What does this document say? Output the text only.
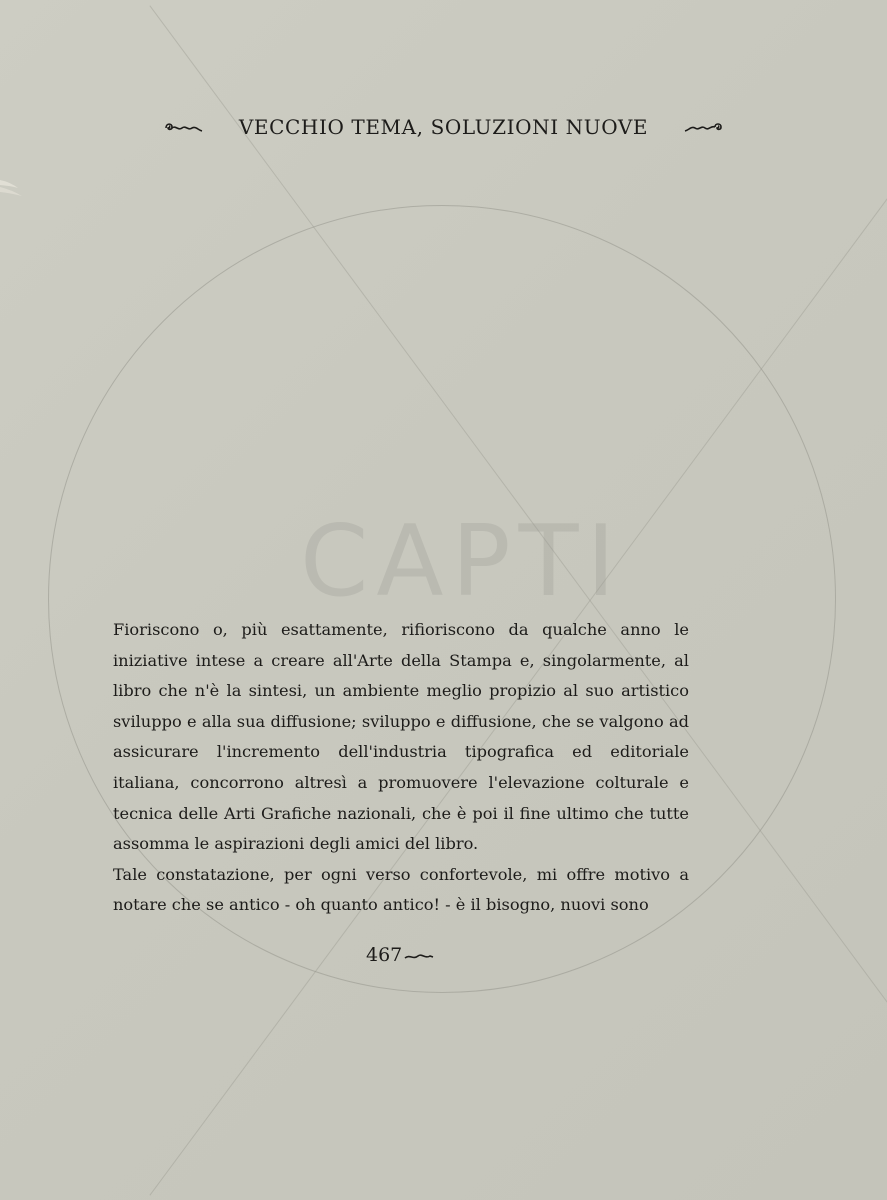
CAPTI
VECCHIO TEMA, SOLUZIONI NUOVE

Fioriscono o, più esattamente, rifioriscono da qualche anno le iniziative intese a creare all'Arte della Stampa e, singolarmente, al libro che n'è la sintesi, un ambiente meglio propizio al suo artistico sviluppo e alla sua diffusione; sviluppo e diffusione, che se valgono ad assicurare l'incremento dell'industria tipografica ed editoriale italiana, concorrono altresì a promuovere l'elevazione colturale e tecnica delle Arti Grafiche nazionali, che è poi il fine ultimo che tutte assomma le aspirazioni degli amici del libro.

Tale constatazione, per ogni verso confortevole, mi offre motivo a notare che se antico - oh quanto antico! - è il bisogno, nuovi sono

467
